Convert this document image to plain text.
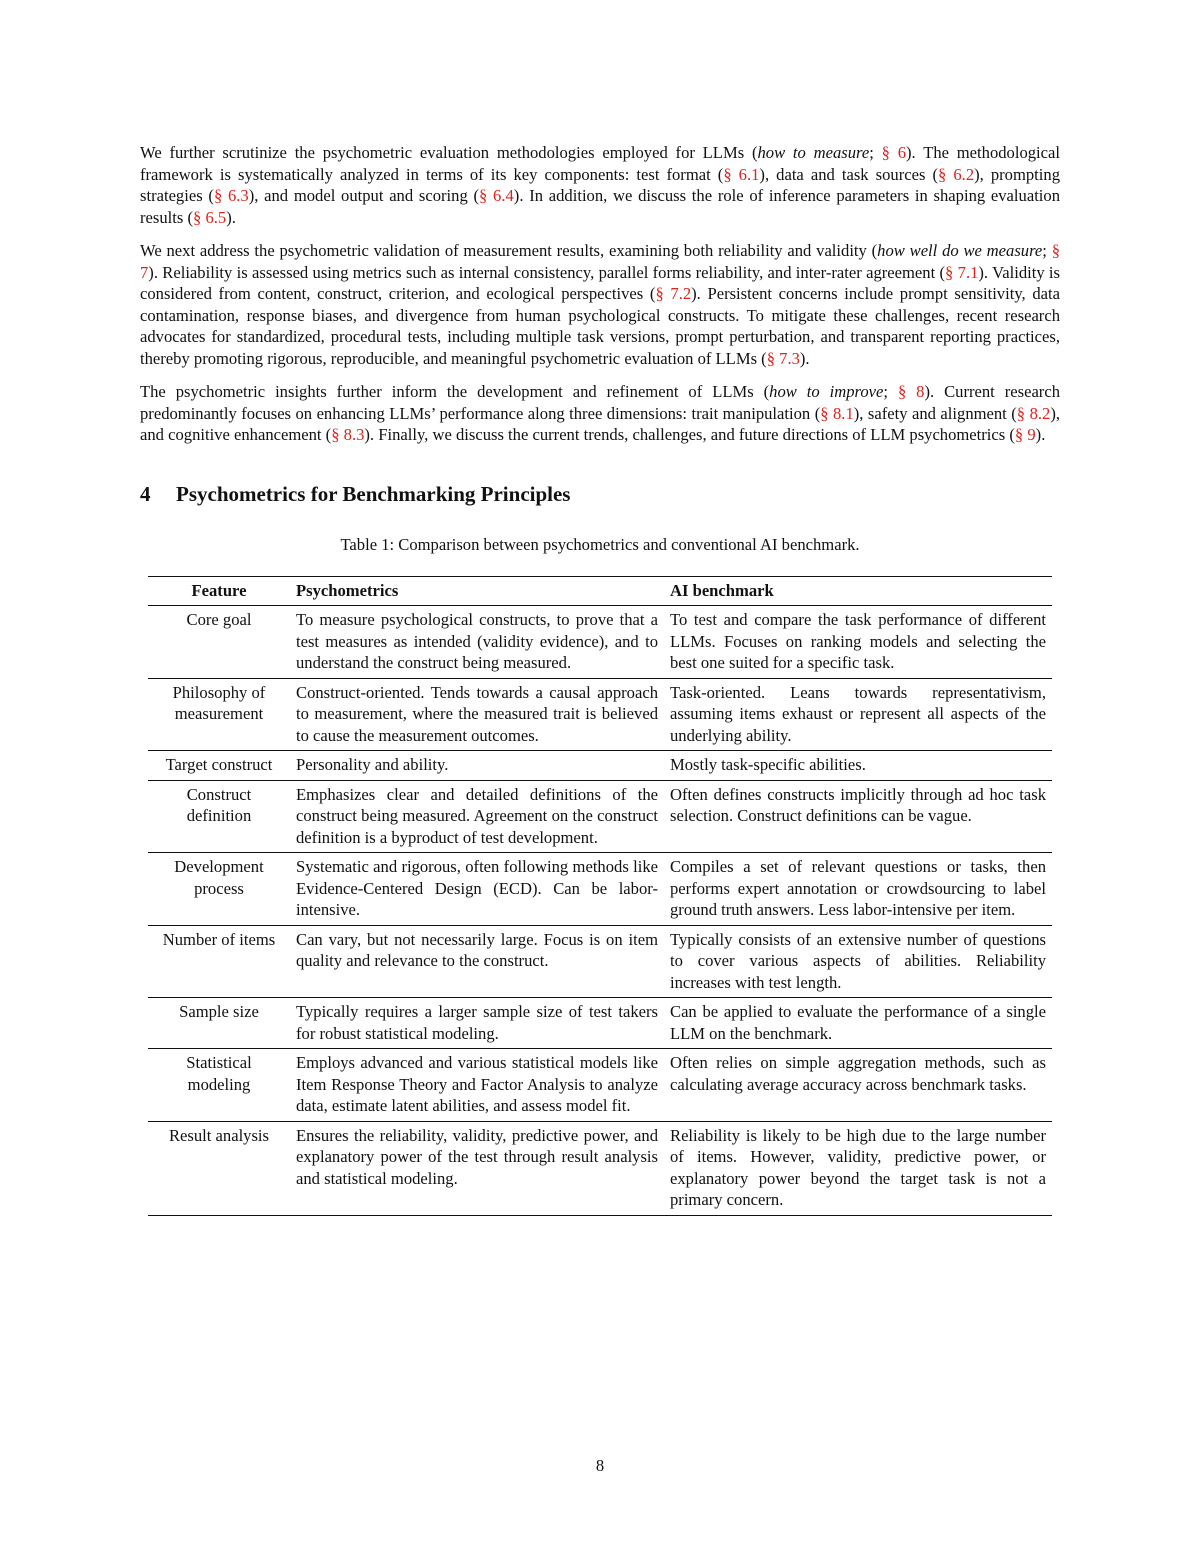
We further scrutinize the psychometric evaluation methodologies employed for LLMs (how to measure; § 6). The methodological framework is systematically analyzed in terms of its key components: test format (§ 6.1), data and task sources (§ 6.2), prompting strategies (§ 6.3), and model output and scoring (§ 6.4). In addition, we discuss the role of inference parameters in shaping evaluation results (§ 6.5).

We next address the psychometric validation of measurement results, examining both reliability and validity (how well do we measure; § 7). Reliability is assessed using metrics such as internal consistency, parallel forms reliability, and inter-rater agreement (§ 7.1). Validity is considered from content, construct, criterion, and ecological perspectives (§ 7.2). Persistent concerns include prompt sensitivity, data contamination, response biases, and divergence from human psychological constructs. To mitigate these challenges, recent research advocates for standardized, procedural tests, including multiple task versions, prompt perturbation, and transparent reporting practices, thereby promoting rigorous, reproducible, and meaningful psychometric evaluation of LLMs (§ 7.3).

The psychometric insights further inform the development and refinement of LLMs (how to improve; § 8). Current research predominantly focuses on enhancing LLMs’ performance along three dimensions: trait manipulation (§ 8.1), safety and alignment (§ 8.2), and cognitive enhancement (§ 8.3). Finally, we discuss the current trends, challenges, and future directions of LLM psychometrics (§ 9).

4 Psychometrics for Benchmarking Principles
Table 1: Comparison between psychometrics and conventional AI benchmark.
Feature	Psychometrics	AI benchmark
Core goal	To measure psychological constructs, to prove that a test measures as intended (validity evidence), and to understand the construct being measured.	To test and compare the task performance of different LLMs. Focuses on ranking models and selecting the best one suited for a specific task.
Philosophy of measurement	Construct-oriented. Tends towards a causal approach to measurement, where the measured trait is believed to cause the measurement outcomes.	Task-oriented. Leans towards representativism, assuming items exhaust or represent all aspects of the underlying ability.
Target construct	Personality and ability.	Mostly task-specific abilities.
Construct definition	Emphasizes clear and detailed definitions of the construct being measured. Agreement on the construct definition is a byproduct of test development.	Often defines constructs implicitly through ad hoc task selection. Construct definitions can be vague.
Development process	Systematic and rigorous, often following methods like Evidence-Centered Design (ECD). Can be labor-intensive.	Compiles a set of relevant questions or tasks, then performs expert annotation or crowdsourcing to label ground truth answers. Less labor-intensive per item.
Number of items	Can vary, but not necessarily large. Focus is on item quality and relevance to the construct.	Typically consists of an extensive number of questions to cover various aspects of abilities. Reliability increases with test length.
Sample size	Typically requires a larger sample size of test takers for robust statistical modeling.	Can be applied to evaluate the performance of a single LLM on the benchmark.
Statistical modeling	Employs advanced and various statistical models like Item Response Theory and Factor Analysis to analyze data, estimate latent abilities, and assess model fit.	Often relies on simple aggregation methods, such as calculating average accuracy across benchmark tasks.
Result analysis	Ensures the reliability, validity, predictive power, and explanatory power of the test through result analysis and statistical modeling.	Reliability is likely to be high due to the large number of items. However, validity, predictive power, or explanatory power beyond the target task is not a primary concern.
8
